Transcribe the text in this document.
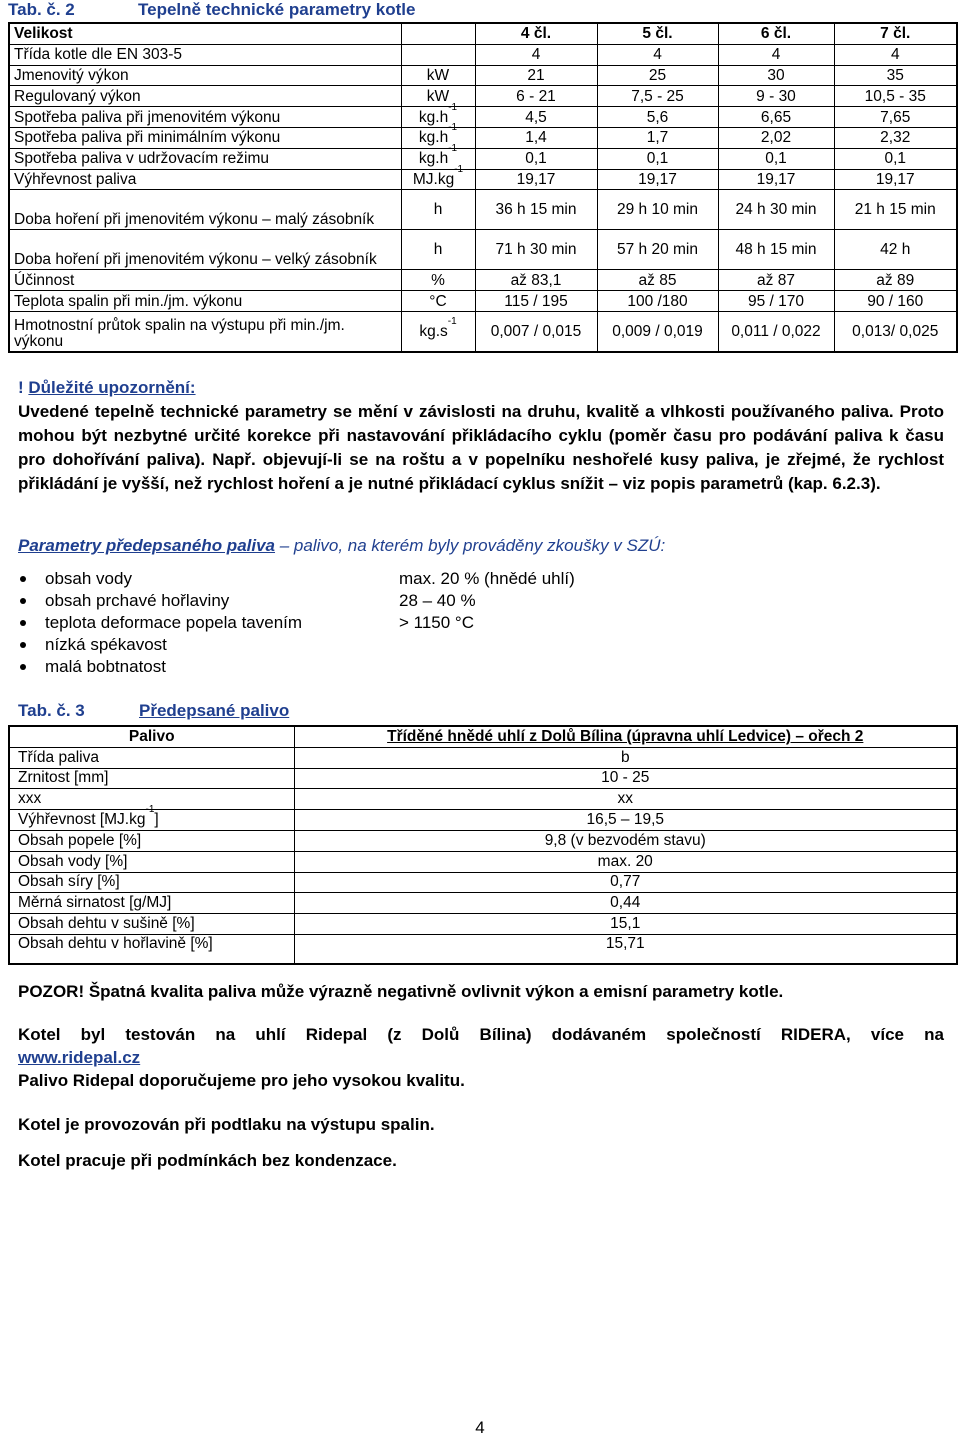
Tab. č. 2	Tepelně technické parametry kotle
Velikost		4 čl.	5 čl.	6 čl.	7 čl.
Třída kotle dle EN 303-5		4	4	4	4
Jmenovitý výkon	kW	21	25	30	35
Regulovaný výkon	kW	6 - 21	7,5 - 25	9 - 30	10,5 - 35
Spotřeba paliva při jmenovitém výkonu	$kg.h^{-1}$	4,5	5,6	6,65	7,65
Spotřeba paliva při minimálním výkonu	$kg.h^{-1}$	1,4	1,7	2,02	2,32
Spotřeba paliva v udržovacím režimu	$kg.h^{-1}$	0,1	0,1	0,1	0,1
Výhřevnost paliva	$MJ.kg^{-1}$	19,17	19,17	19,17	19,17
Doba hoření při jmenovitém výkonu – malý zásobník	h	36 h 15 min	29 h 10 min	24 h 30 min	21 h 15 min
Doba hoření při jmenovitém výkonu – velký zásobník	h	71 h 30 min	57 h 20 min	48 h 15 min	42 h
Účinnost	%	až 83,1	až 85	až 87	až 89
Teplota spalin při min./jm. výkonu	°C	115 / 195	100 /180	95 / 170	90 / 160
Hmotnostní průtok spalin na výstupu při min./jm. výkonu	$kg.s^{-1}$	0,007 / 0,015	0,009 / 0,019	0,011 / 0,022	0,013/ 0,025
! Důležité upozornění:
Uvedené tepelně technické parametry se mění v závislosti na druhu, kvalitě a vlhkosti používaného paliva. Proto mohou být nezbytné určité korekce při nastavování přikládacího cyklu (poměr času pro podávání paliva k času pro dohořívání paliva). Např. objevují-li se na roštu a v popelníku neshořelé kusy paliva, je zřejmé, že rychlost přikládání je vyšší, než rychlost hoření a je nutné přikládací cyklus snížit – viz popis parametrů (kap. 6.2.3).
Parametry předepsaného paliva – palivo, na kterém byly prováděny zkoušky v SZÚ:
obsah vody	max. 20 % (hnědé uhlí)
obsah prchavé hořlaviny	28 – 40 %
teplota deformace popela tavením	> 1150 °C
nízká spékavost
malá bobtnatost
Tab. č. 3	Předepsané palivo
Palivo	Tříděné hnědé uhlí z Dolů Bílina (úpravna uhlí Ledvice) – ořech 2
Třída paliva	b
Zrnitost [mm]	10 - 25
xxx	xx
Výhřevnost $[MJ.kg^{-1}]$	16,5 – 19,5
Obsah popele [%]	9,8 (v bezvodém stavu)
Obsah vody [%]	max. 20
Obsah síry [%]	0,77
Měrná sirnatost [g/MJ]	0,44
Obsah dehtu v sušině [%]	15,1
Obsah dehtu v hořlavině [%]	15,71
POZOR! Špatná kvalita paliva může výrazně negativně ovlivnit výkon a emisní parametry kotle.
Kotel byl testován na uhlí Ridepal (z Dolů Bílina) dodávaném společností RIDERA, více na
www.ridepal.cz
Palivo Ridepal doporučujeme pro jeho vysokou kvalitu.
Kotel je provozován při podtlaku na výstupu spalin.
Kotel pracuje při podmínkách bez kondenzace.
4
